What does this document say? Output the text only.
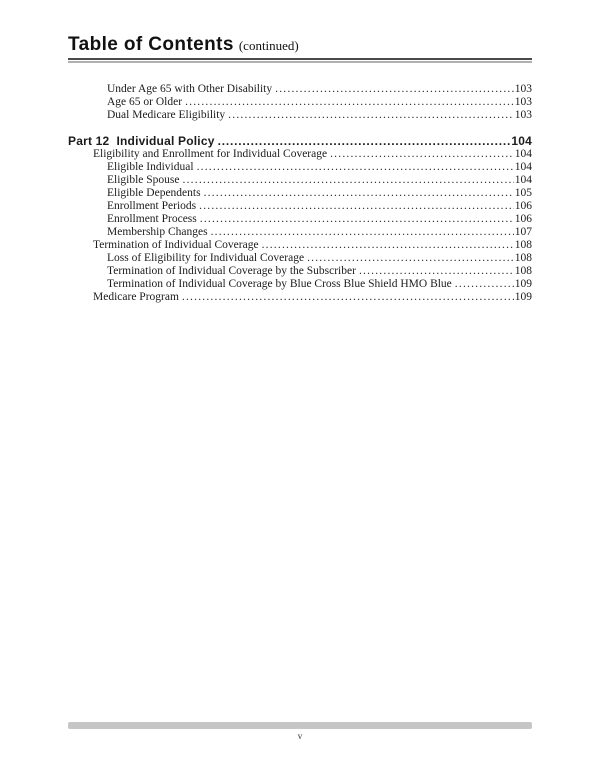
Table of Contents (continued)
Under Age 65 with Other Disability .....	103
Age 65 or Older .....	103
Dual Medicare Eligibility .....	103
Part 12  Individual Policy .....	104
Eligibility and Enrollment for Individual Coverage .....	104
Eligible Individual .....	104
Eligible Spouse .....	104
Eligible Dependents .....	105
Enrollment Periods .....	106
Enrollment Process .....	106
Membership Changes .....	107
Termination of Individual Coverage .....	108
Loss of Eligibility for Individual Coverage .....	108
Termination of Individual Coverage by the Subscriber .....	108
Termination of Individual Coverage by Blue Cross Blue Shield HMO Blue .....	109
Medicare Program .....	109
v
